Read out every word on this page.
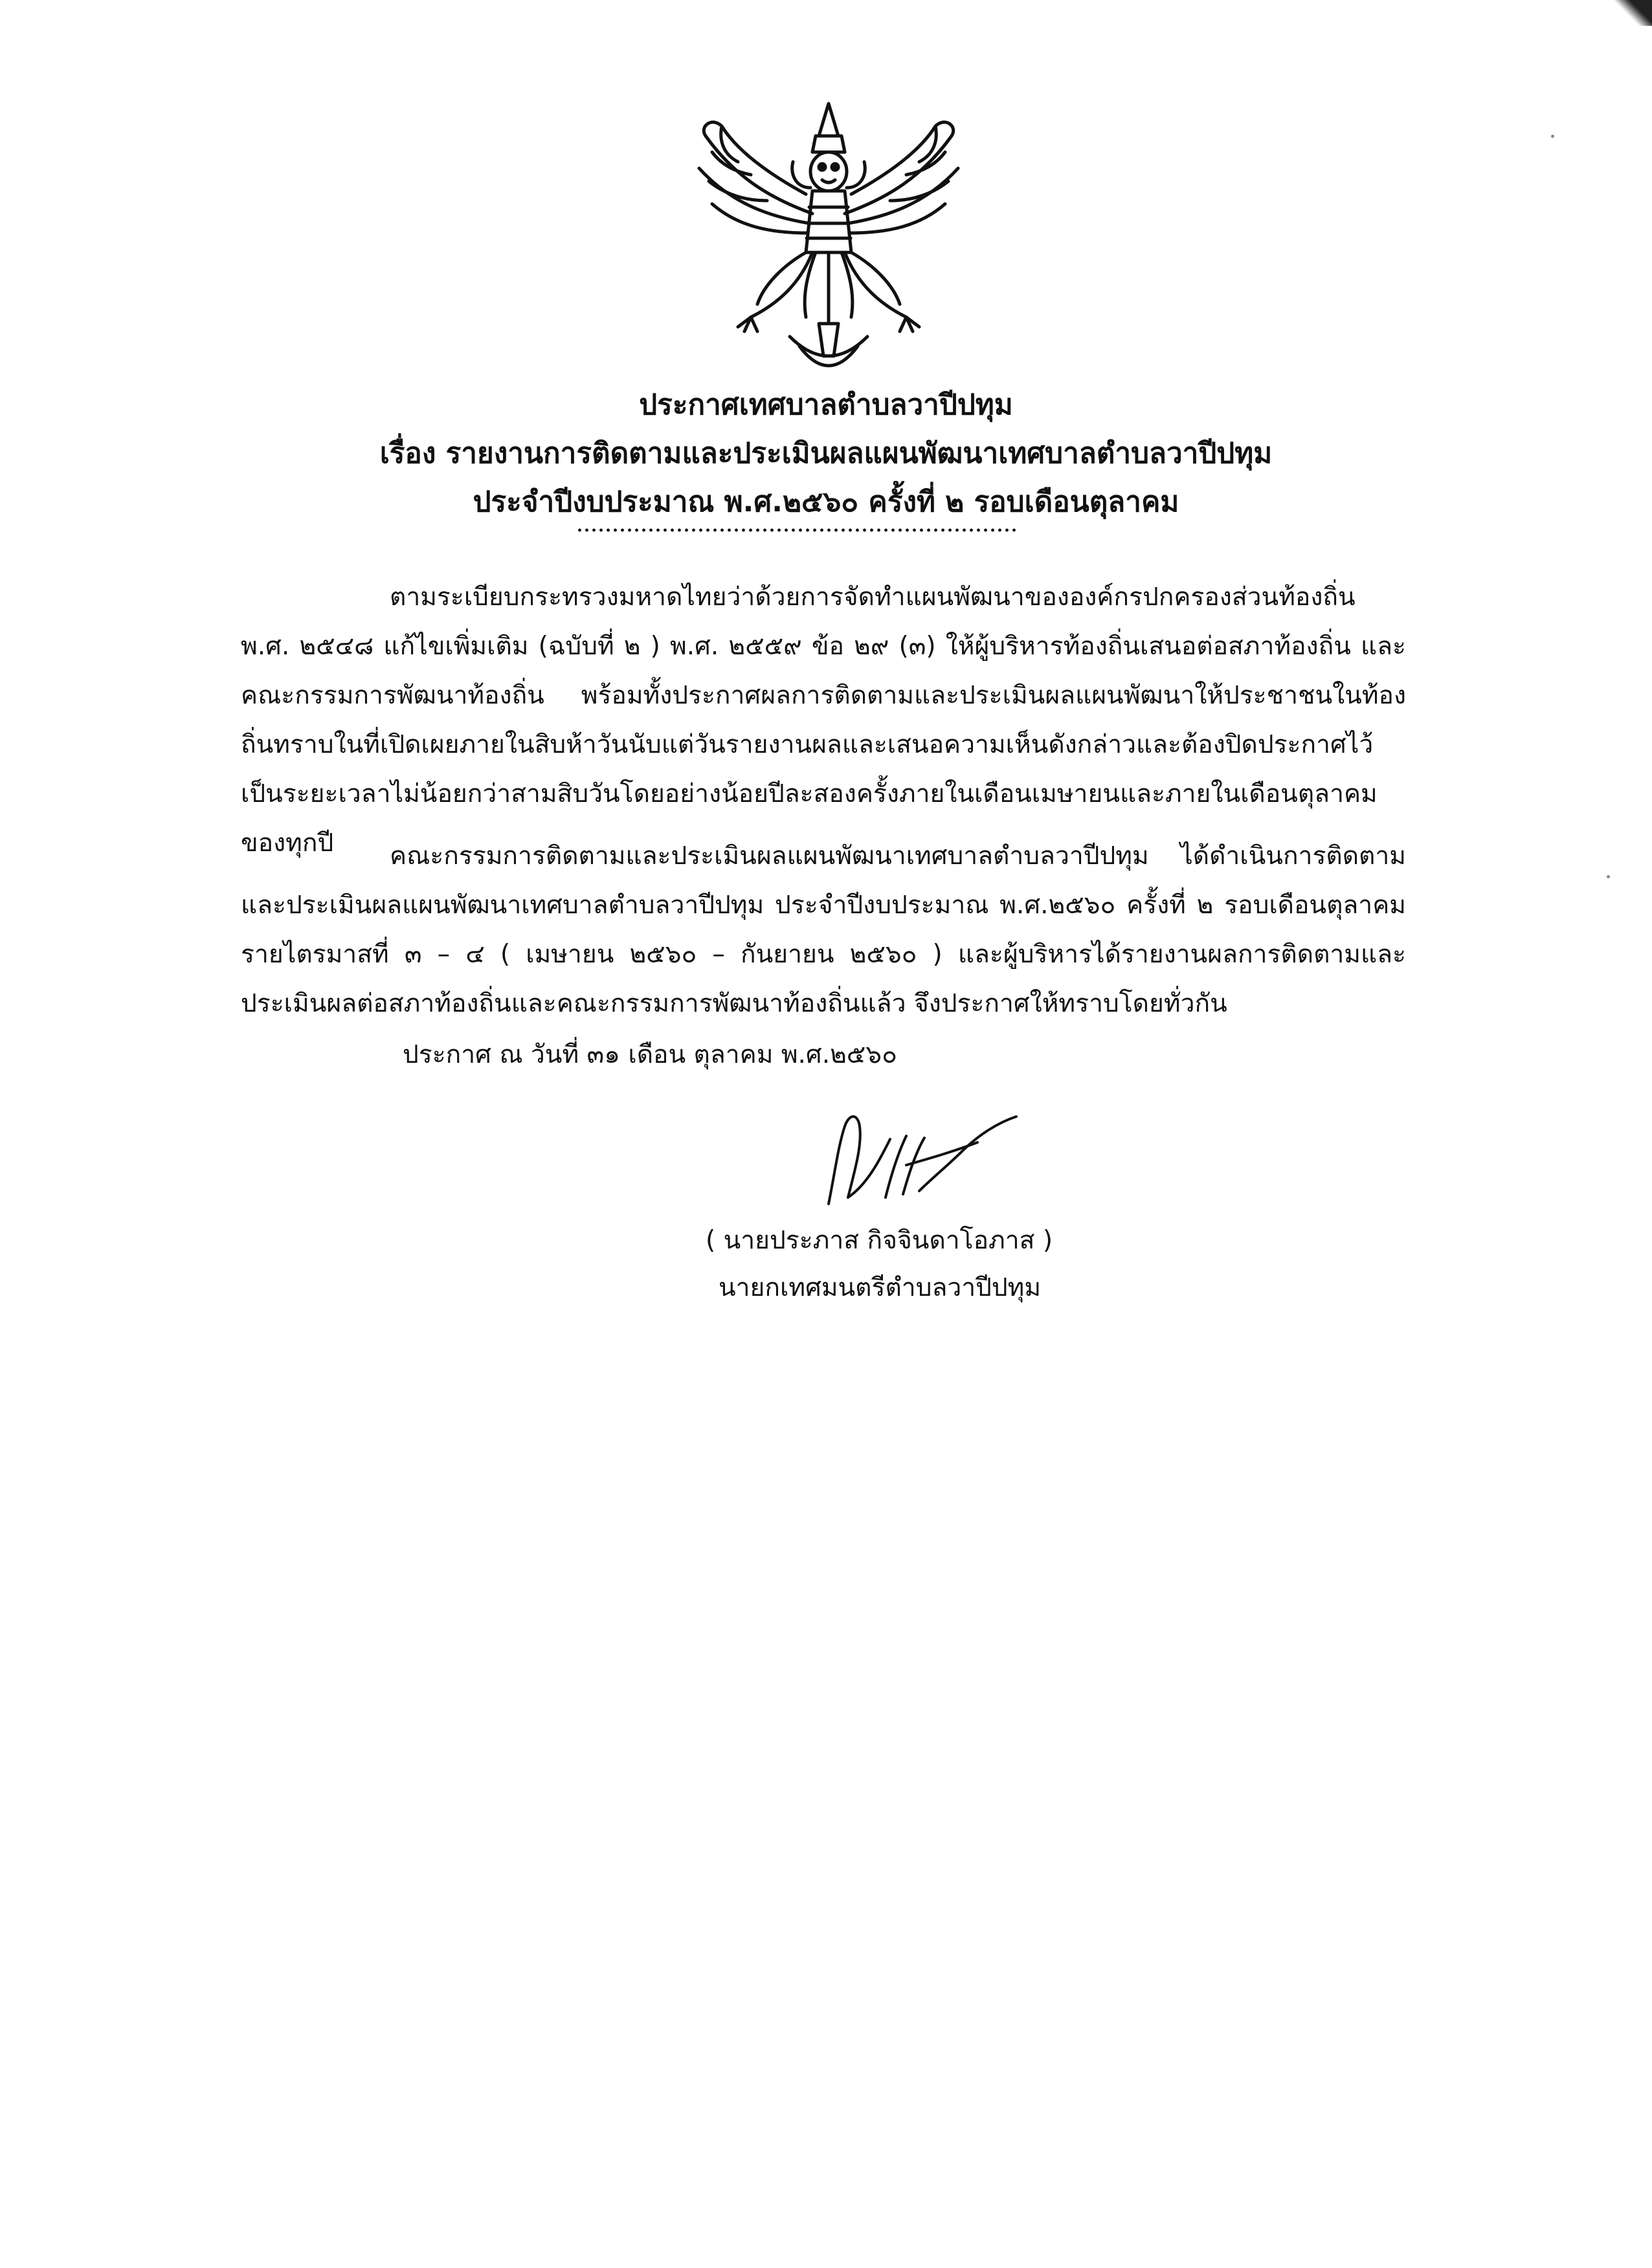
ประกาศเทศบาลตำบลวาปีปทุม
เรื่อง รายงานการติดตามและประเมินผลแผนพัฒนาเทศบาลตำบลวาปีปทุม
ประจำปีงบประมาณ พ.ศ.๒๕๖๐ ครั้งที่ ๒ รอบเดือนตุลาคม
ตามระเบียบกระทรวงมหาดไทยว่าด้วยการจัดทำแผนพัฒนาขององค์กรปกครองส่วนท้องถิ่น พ.ศ. ๒๕๔๘ แก้ไขเพิ่มเติม (ฉบับที่ ๒ ) พ.ศ. ๒๕๕๙ ข้อ ๒๙ (๓) ให้ผู้บริหารท้องถิ่นเสนอต่อสภาท้องถิ่น และคณะกรรมการพัฒนาท้องถิ่น พร้อมทั้งประกาศผลการติดตามและประเมินผลแผนพัฒนาให้ประชาชนในท้องถิ่นทราบในที่เปิดเผยภายในสิบห้าวันนับแต่วันรายงานผลและเสนอความเห็นดังกล่าวและต้องปิดประกาศไว้เป็นระยะเวลาไม่น้อยกว่าสามสิบวันโดยอย่างน้อยปีละสองครั้งภายในเดือนเมษายนและภายในเดือนตุลาคมของทุกปี	คณะกรรมการติดตามและประเมินผลแผนพัฒนาเทศบาลตำบลวาปีปทุม ได้ดำเนินการติดตามและประเมินผลแผนพัฒนาเทศบาลตำบลวาปีปทุม ประจำปีงบประมาณ พ.ศ.๒๕๖๐ ครั้งที่ ๒ รอบเดือนตุลาคม รายไตรมาสที่ ๓ – ๔ ( เมษายน ๒๕๖๐ – กันยายน ๒๕๖๐ ) และผู้บริหารได้รายงานผลการติดตามและประเมินผลต่อสภาท้องถิ่นและคณะกรรมการพัฒนาท้องถิ่นแล้ว จึงประกาศให้ทราบโดยทั่วกัน
ประกาศ ณ วันที่ ๓๑ เดือน ตุลาคม พ.ศ.๒๕๖๐
( นายประภาส กิจจินดาโอภาส )
นายกเทศมนตรีตำบลวาปีปทุม
